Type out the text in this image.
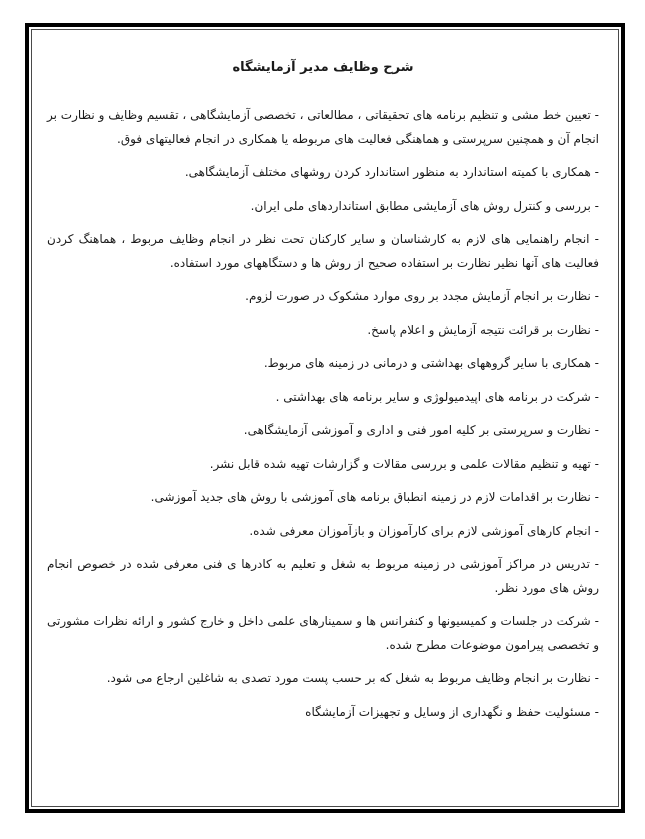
شرح وظایف مدیر آزمایشگاه

- تعیین خط مشی و تنظیم برنامه های تحقیقاتی ، مطالعاتی ، تخصصی آزمایشگاهی ، تقسیم وظایف و نظارت بر انجام آن و همچنین سرپرستی و هماهنگی فعالیت های مربوطه یا همکاری در انجام فعالیتهای فوق.

- همکاری با کمیته استاندارد به منظور استاندارد کردن روشهای مختلف آزمایشگاهی.

- بررسی و کنترل روش های آزمایشی مطابق استانداردهای ملی ایران.

- انجام راهنمایی های لازم به کارشناسان و سایر کارکنان تحت نظر در انجام وظایف مربوط ، هماهنگ کردن فعالیت های آنها نظیر نظارت بر استفاده صحیح از روش ها و دستگاههای مورد استفاده.

- نظارت بر انجام آزمایش مجدد بر روی موارد مشکوک در صورت لزوم.

- نظارت بر قرائت نتیجه آزمایش و اعلام پاسخ.

- همکاری با سایر گروههای بهداشتی و درمانی در زمینه های مربوط.

- شرکت در برنامه های اپیدمیولوژی و سایر برنامه های بهداشتی .

- نظارت و سرپرستی بر کلیه امور فنی و اداری و آموزشی آزمایشگاهی.

- تهیه و تنظیم مقالات علمی و بررسی مقالات و گزارشات تهیه شده قابل نشر.

- نظارت بر اقدامات لازم در زمینه انطباق برنامه های آموزشی با روش های جدید آموزشی.

- انجام کارهای آموزشی لازم برای کارآموزان و بازآموزان معرفی شده.

- تدریس در مراکز آموزشی در زمینه مربوط به شغل و تعلیم به کادرها ی فنی معرفی شده در خصوص انجام روش های مورد نظر.

- شرکت در جلسات و کمیسیونها و کنفرانس ها و سمینارهای علمی داخل و خارج کشور و ارائه نظرات مشورتی و تخصصی پیرامون موضوعات مطرح شده.

- نظارت بر انجام وظایف مربوط به شغل که بر حسب پست مورد تصدی به شاغلین ارجاع می شود.

- مسئولیت حفظ و نگهداری از وسایل و تجهیزات آزمایشگاه
